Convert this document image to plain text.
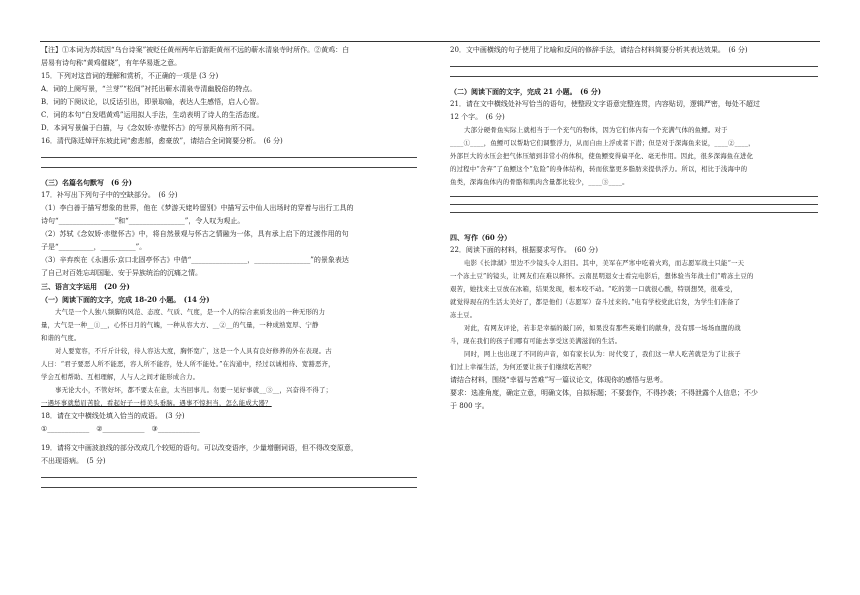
【注】①本词为苏轼因“乌台诗案”被贬任黄州两年后游距黄州不远的蕲水清泉寺时所作。②黄鸡：白
居易有诗句称“黄鸡催晓”，有年华易逝之意。
15．下列对这首词的理解和赏析，不正确的一项是 (3 分)
A．词的上阕写景，“兰芽”“松间”衬托出蕲水清泉寺清幽脱俗的特点。
B．词的下阕议论，以反话引出，即景取喻，表达人生感悟，启人心智。
C．词的本句“白发唱黄鸡”运用拟人手法，生动表明了诗人的生活态度。
D．本词写景偏于白描，与《念奴娇·赤壁怀古》的写景风格有所不同。
16．清代陈廷焯评东坡此词“愈悲郁，愈豪放”，请结合全词简要分析。　(6 分)
（三）名篇名句默写　(6 分)
17．补写出下列句子中的空缺部分。　(6 分)
（1）李白善于描写想象的世界，他在《梦游天姥吟留别》中描写云中仙人出场时的穿着与出行工具的
诗句“________________”和“________________”，令人叹为观止。
（2）苏轼《念奴娇·赤壁怀古》中，将自然景观与怀古之情融为一体，具有承上启下的过渡作用的句
子是“__________，__________”。
（3）辛弃疾在《永遇乐·京口北固亭怀古》中借“________________，________________”的景象表达
了自己对百姓忘却国耻、安于异族统治的沉痛之情。
三、语言文字运用　(20 分)
（一）阅读下面的文字，完成 18-20 小题。　(14 分)
大气是一个人独八频脚的风范、态度、气质、气度，是一个人的综合素质发出的一种无形的力
量，大气是一种__①__，心怀日月的气魄，一种从容大方、__②__的气量，一种成熟宽厚、宁静
和谐的气度。
对人要宽容，不斤斤计较，待人容达大度，胸怀宽广，这是一个人具有良好修养的外在表现。古
人曰：“君子要恶人所不能恶，容人所不能容，处人所不能处。”在沟通中，经过以诚相待、宽豁恶齐，
学会互相帮助、互相理解，人与人之间才能形成合力。
事无论大小，不管好坏，都不要太在意，太当回事儿。勿要一见好事就__③__，兴奋得不得了；
一遇坏事就愁眉苦脸，看起好子一样美头垂脑。遇事不惊担当，怎么能成大器？
18．请在文中横线处填入恰当的成语。　(3 分)
①____________　②____________　③____________
19．请将文中画波浪线的部分改成几个较短的语句。可以改变语序，少量增删词语，但不得改变原意，
不出现语病。　(5 分)
20．文中画横线的句子使用了比喻和反问的修辞手法，请结合材料简要分析其表达效果。　(6 分)
（二）阅读下面的文字，完成 21 小题。　(6 分)
21．请在文中横线处补写恰当的语句，使整段文字语意完整连贯，内容贴切，逻辑严密，每处不超过
12 个字。　(6 分)
大部分硬骨鱼实际上就相当于一个充气的物体，因为它们体内有一个充满气体的鱼鳔。对于
____①____，鱼鳔可以帮助它们调整浮力，从而自由上浮或者下潜；但是对于深海鱼来说，____②____，
外部巨大的水压会把气体压缩到非常小的体积，使鱼鳔变得扁平化、毫无作用。因此，很多深海鱼在进化
的过程中“舍弃”了鱼鳔这个“危险”的身体结构，转而依靠更多脂肪来提供浮力。所以，相比于浅海中的
鱼类，深海鱼体内的骨骼和肌肉含量都比较少，____③____。
四、写作（60 分）
22．阅读下面的材料，根据要求写作。　(60 分)
电影《长津湖》里边不少镜头令人泪目。其中，美军在严寒中吃着火鸡，而志愿军战士只能“一天
一个冻土豆”的镜头，让网友们在难以释怀。云南昆明退女士看完电影后，想体验当年战士们“啃冻土豆的
艰苦，她找来土豆放在冰箱，结果发现，根本咬不动。“吃的第一口就很心酸，特别想哭，很难受，
就觉得现在的生活太美好了，都是他们（志愿军）奋斗过来的。”电有学校党此启发，为学生们准备了
冻土豆。
对此，有网友评论，若非是幸福的敲门砖，如果没有那些英雄们的献身，没有那一场场血腥的战
斗，现在我们的孩子们哪有可能去享受这美满滋润的生活。
同时，网上也出现了不同的声音，如有家长认为：时代变了，我们这一辈人吃苦就是为了让孩子
们过上幸福生活，为何还要让孩子们继续吃苦呢？
请结合材料，围绕“幸福与苦难”写一篇议论文，体现你的感悟与思考。
要求：选准角度，确定立意，明确文体，自拟标题；不要套作，不得抄袭；不得泄露个人信息；不少
于 800 字。
